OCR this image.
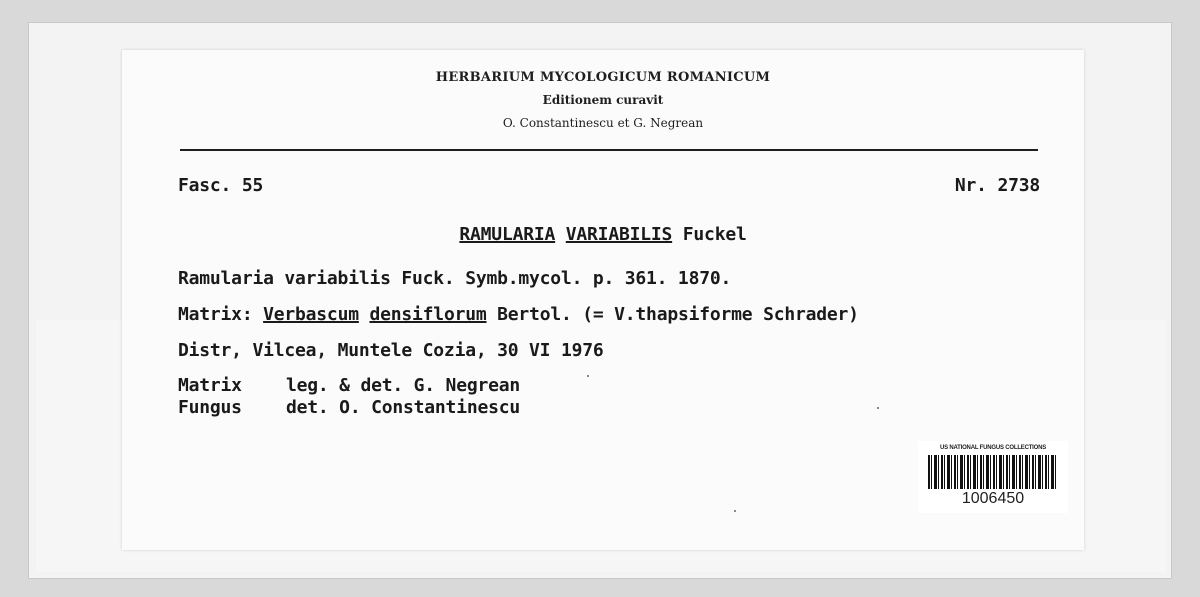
HERBARIUM MYCOLOGICUM ROMANICUM
Editionem curavit
O. Constantinescu et G. Negrean
Fasc. 55	Nr. 2738
RAMULARIA VARIABILIS Fuckel
Ramularia variabilis Fuck. Symb.mycol. p. 361. 1870.
Matrix: Verbascum densiflorum Bertol. (= V.thapsiforme Schrader)
Distr, Vilcea, Muntele Cozia, 30 VI 1976
Matrix leg. & det. G. Negrean
Fungus det. O. Constantinescu
US NATIONAL FUNGUS COLLECTIONS
1006450
